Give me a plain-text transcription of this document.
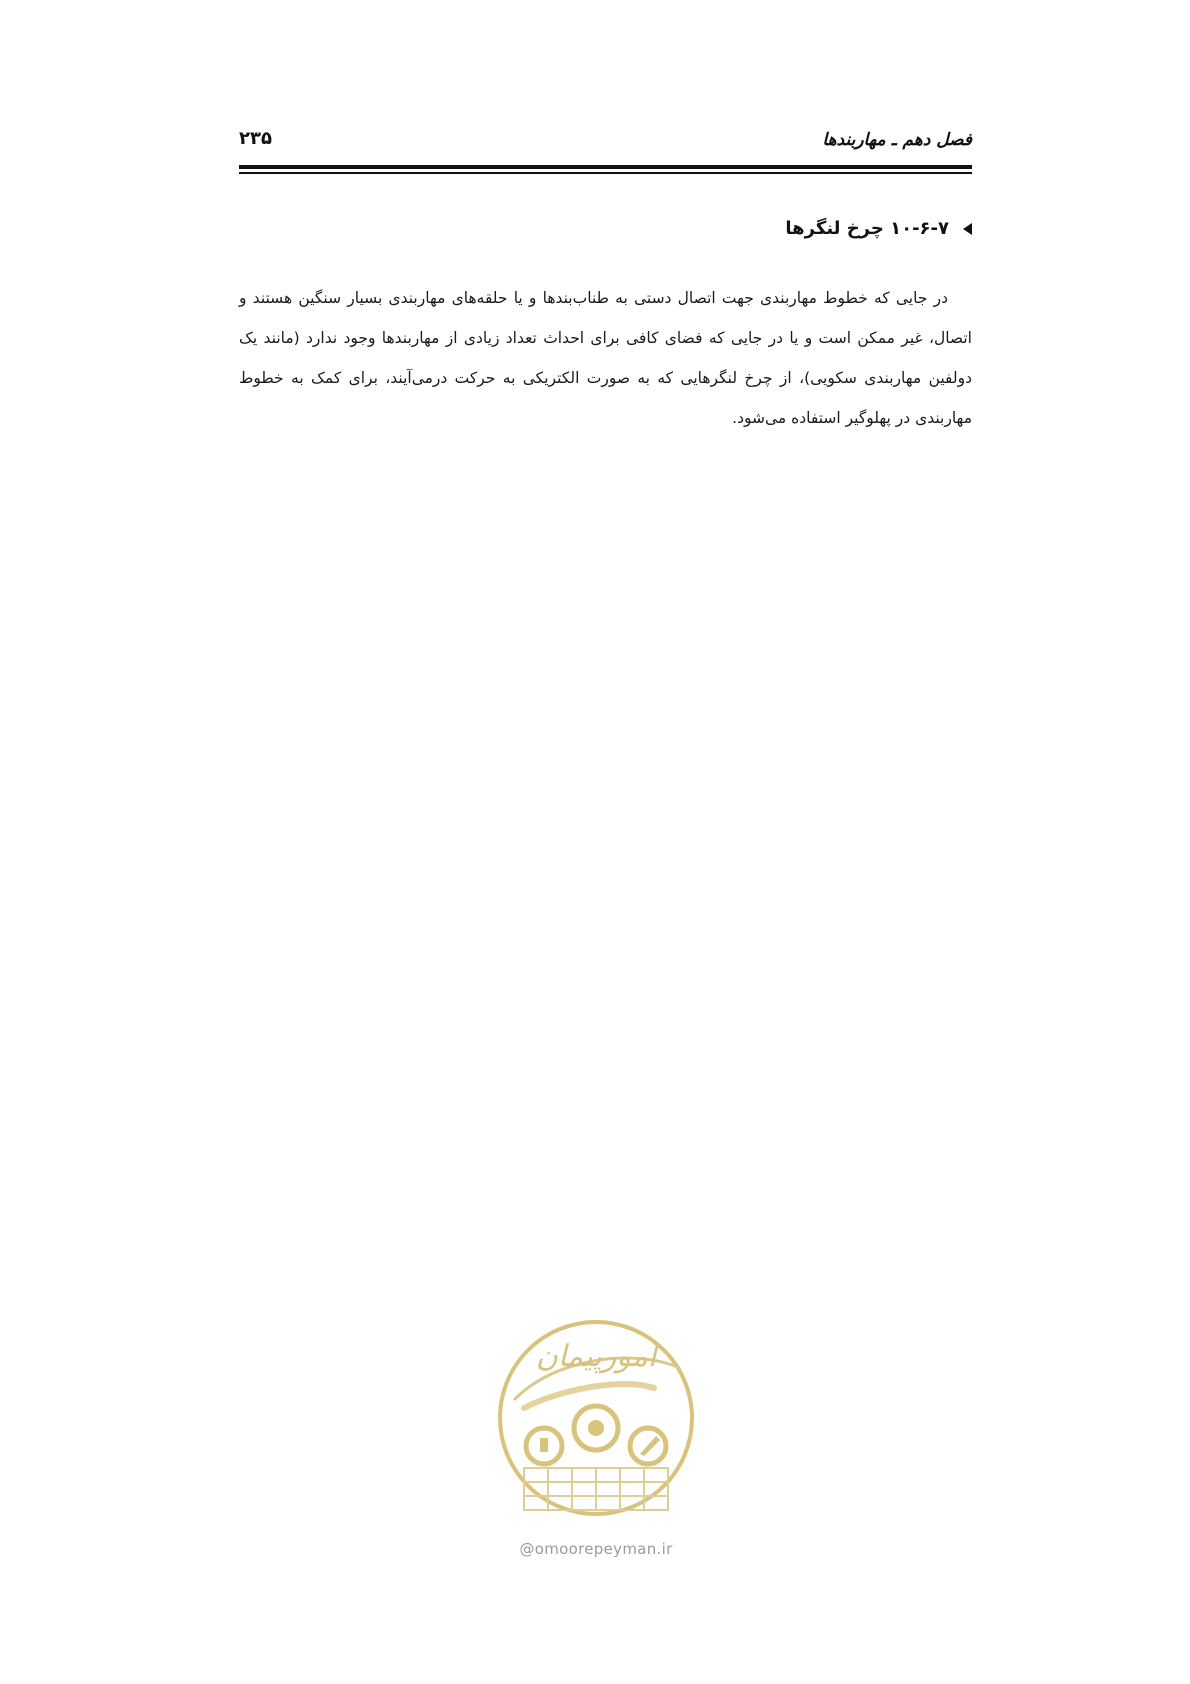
فصل دهم ـ مهاربندها
۲۳۵
۱۰-۶-۷ چرخ لنگرها

در جایی که خطوط مهاربندی جهت اتصال دستی به طناب‌بندها و یا حلقه‌های مهاربندی بسیار سنگین هستند و اتصال، غیر ممکن است و یا در جایی که فضای کافی برای احداث تعداد زیادی از مهاربندها وجود ندارد (مانند یک دولفین مهاربندی سکویی)، از چرخ لنگرهایی که به صورت الکتریکی به حرکت درمی‌آیند، برای کمک به خطوط مهاربندی در پهلوگیر استفاده می‌شود.

امورپیمان
@omoorepeyman.ir
